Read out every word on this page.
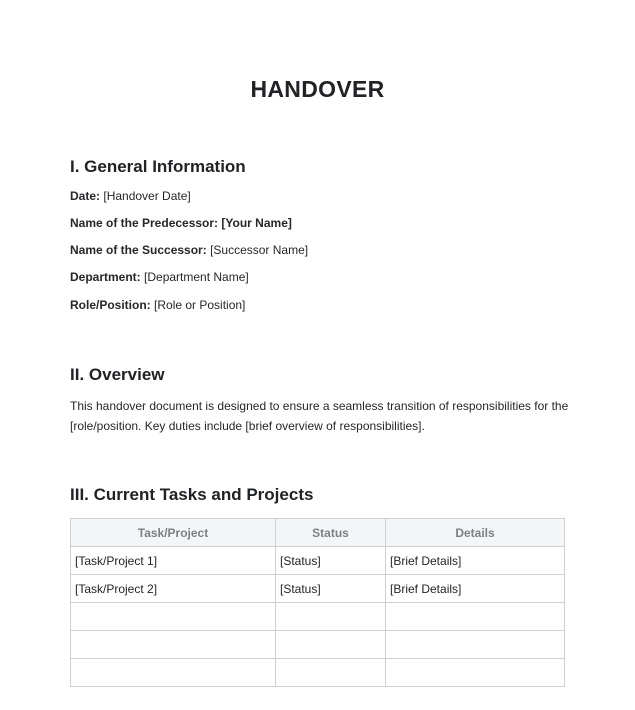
HANDOVER
I. General Information
Date: [Handover Date]
Name of the Predecessor: [Your Name]
Name of the Successor: [Successor Name]
Department: [Department Name]
Role/Position: [Role or Position]
II. Overview
This handover document is designed to ensure a seamless transition of responsibilities for the [role/position. Key duties include [brief overview of responsibilities].
III. Current Tasks and Projects
Task/Project	Status	Details
[Task/Project 1]	[Status]	[Brief Details]
[Task/Project 2]	[Status]	[Brief Details]
